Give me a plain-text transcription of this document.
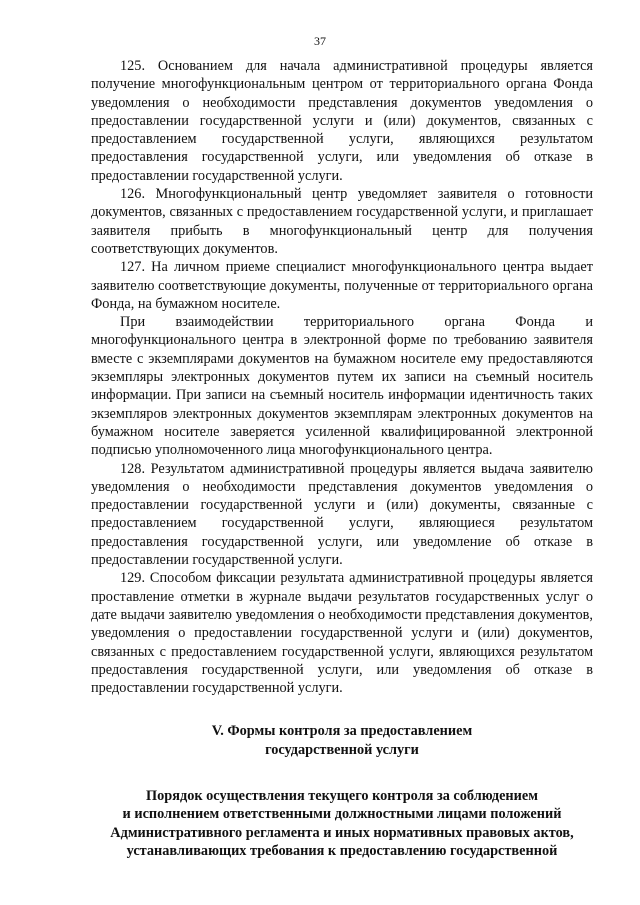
37

125. Основанием для начала административной процедуры является получение многофункциональным центром от территориального органа Фонда уведомления о необходимости представления документов уведомления о предоставлении государственной услуги и (или) документов, связанных с предоставлением государственной услуги, являющихся результатом предоставления государственной услуги, или уведомления об отказе в предоставлении государственной услуги.

126. Многофункциональный центр уведомляет заявителя о готовности документов, связанных с предоставлением государственной услуги, и приглашает заявителя прибыть в многофункциональный центр для получения соответствующих документов.

127. На личном приеме специалист многофункционального центра выдает заявителю соответствующие документы, полученные от территориального органа Фонда, на бумажном носителе.

При взаимодействии территориального органа Фонда и многофункционального центра в электронной форме по требованию заявителя вместе с экземплярами документов на бумажном носителе ему предоставляются экземпляры электронных документов путем их записи на съемный носитель информации. При записи на съемный носитель информации идентичность таких экземпляров электронных документов экземплярам электронных документов на бумажном носителе заверяется усиленной квалифицированной электронной подписью уполномоченного лица многофункционального центра.

128. Результатом административной процедуры является выдача заявителю уведомления о необходимости представления документов уведомления о предоставлении государственной услуги и (или) документы, связанные с предоставлением государственной услуги, являющиеся результатом предоставления государственной услуги, или уведомление об отказе в предоставлении государственной услуги.

129. Способом фиксации результата административной процедуры является проставление отметки в журнале выдачи результатов государственных услуг о дате выдачи заявителю уведомления о необходимости представления документов, уведомления о предоставлении государственной услуги и (или) документов, связанных с предоставлением государственной услуги, являющихся результатом предоставления государственной услуги, или уведомления об отказе в предоставлении государственной услуги.

V. Формы контроля за предоставлением
государственной услуги
Порядок осуществления текущего контроля за соблюдением
и исполнением ответственными должностными лицами положений
Административного регламента и иных нормативных правовых актов,
устанавливающих требования к предоставлению государственной
